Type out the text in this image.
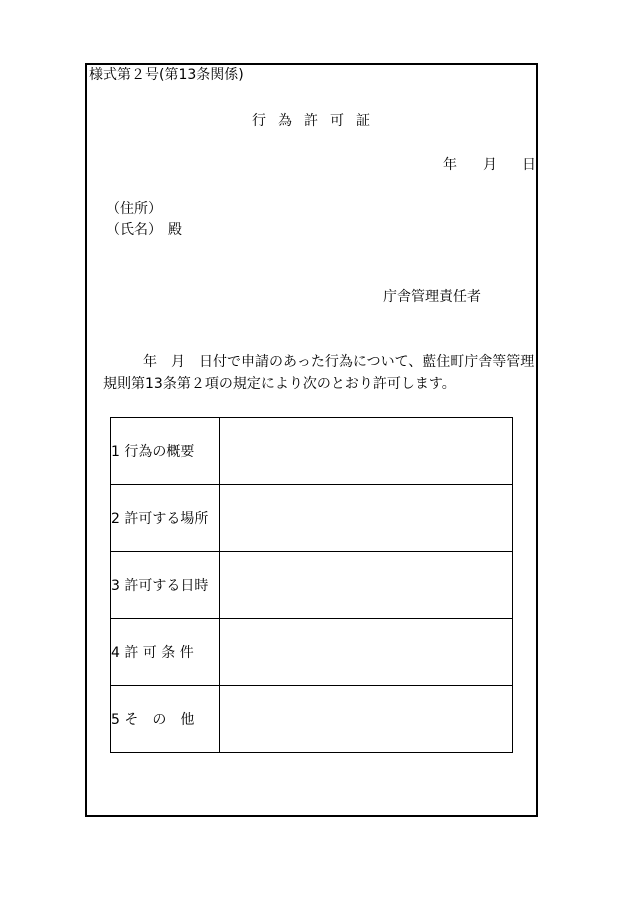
様式第２号(第13条関係)
行為許可証
年 月 日
（住所）
（氏名） 殿
庁舎管理責任者
年　月　日付で申請のあった行為について、藍住町庁舎等管理
規則第13条第２項の規定により次のとおり許可します。
1 行為の概要	
2 許可する場所	
3 許可する日時	
4 許 可 条 件	
5 そ　の　他	
